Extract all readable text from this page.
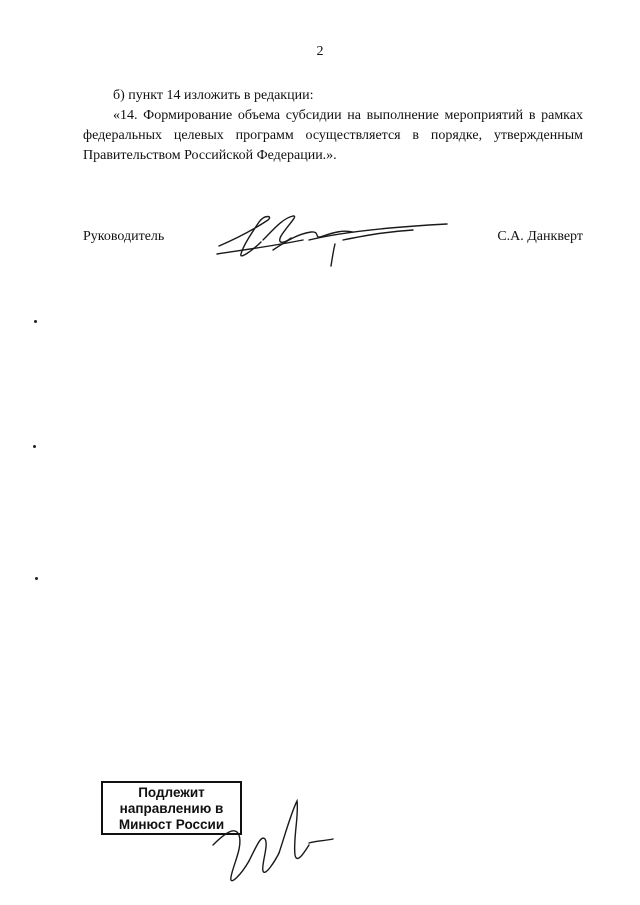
2

б) пункт 14 изложить в редакции:

«14. Формирование объема субсидии на выполнение мероприятий в рамках федеральных целевых программ осуществляется в порядке, утвержденным Правительством Российской Федерации.».

Руководитель	С.А. Данкверт
Подлежит
направлению в
Минюст России
